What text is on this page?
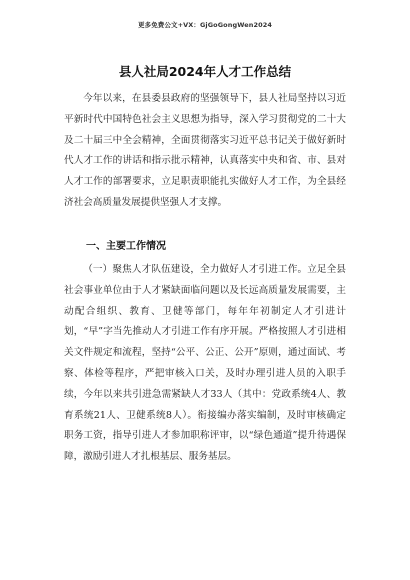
更多免费公文+VX：GjGoGongWen2024
县人社局2024年人才工作总结

今年以来，在县委县政府的坚强领导下，县人社局坚持以习近平新时代中国特色社会主义思想为指导，深入学习贯彻党的二十大及二十届三中全会精神，全面贯彻落实习近平总书记关于做好新时代人才工作的讲话和指示批示精神，认真落实中央和省、市、县对人才工作的部署要求，立足职责职能扎实做好人才工作，为全县经济社会高质量发展提供坚强人才支撑。

一、主要工作情况

（一）聚焦人才队伍建设，全力做好人才引进工作。立足全县社会事业单位由于人才紧缺面临问题以及长远高质量发展需要，主动配合组织、教育、卫健等部门，每年年初制定人才引进计划，“早”字当先推动人才引进工作有序开展。严格按照人才引进相关文件规定和流程，坚持“公平、公正、公开”原则，通过面试、考察、体检等程序，严把审核入口关，及时办理引进人员的入职手续，今年以来共引进急需紧缺人才33人（其中：党政系统4人、教育系统21人、卫健系统8人）。衔接编办落实编制，及时审核确定职务工资，指导引进人才参加职称评审，以“绿色通道”提升待遇保障，激励引进人才扎根基层、服务基层。
